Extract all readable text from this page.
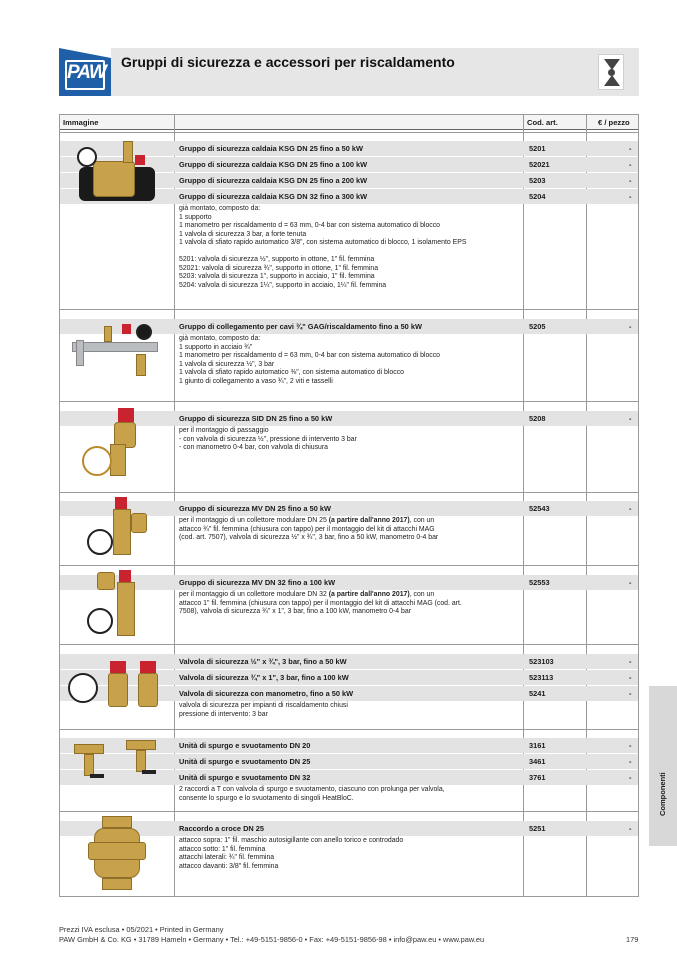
PAW Gruppi di sicurezza e accessori per riscaldamento
Immagine	Cod. art.	€ / pezzo
Gruppo di sicurezza caldaia KSG DN 25 fino a 50 kW	5201	-
Gruppo di sicurezza caldaia KSG DN 25 fino a 100 kW	52021	-
Gruppo di sicurezza caldaia KSG DN 25 fino a 200 kW	5203	-
Gruppo di sicurezza caldaia KSG DN 32 fino a 300 kW	5204	-

già montato, composto da:

1 supporto

1 manometro per riscaldamento d = 63 mm, 0-4 bar con sistema automatico di blocco

1 valvola di sicurezza 3 bar, a forte tenuta

1 valvola di sfiato rapido automatico 3/8", con sistema automatico di blocco, 1 isolamento EPS

5201: valvola di sicurezza ½", supporto in ottone, 1" fil. femmina

52021: valvola di sicurezza ¾", supporto in ottone, 1" fil. femmina

5203: valvola di sicurezza 1", supporto in acciaio, 1" fil. femmina

5204: valvola di sicurezza 1¼", supporto in acciaio, 1¼" fil. femmina

Gruppo di collegamento per cavi ¾" GAG/riscaldamento fino a 50 kW	5205	-

già montato, composto da:

1 supporto in acciaio ¾"

1 manometro per riscaldamento d = 63 mm, 0-4 bar con sistema automatico di blocco

1 valvola di sicurezza ½", 3 bar

1 valvola di sfiato rapido automatico ⅜", con sistema automatico di blocco

1 giunto di collegamento a vaso ¾", 2 viti e tasselli

Gruppo di sicurezza SID DN 25 fino a 50 kW	5208	-

per il montaggio di passaggio

- con valvola di sicurezza ½", pressione di intervento 3 bar

- con manometro 0-4 bar, con valvola di chiusura

Gruppo di sicurezza MV DN 25 fino a 50 kW	52543	-

per il montaggio di un collettore modulare DN 25 (a partire dall'anno 2017), con un

attacco ¾" fil. femmina (chiusura con tappo) per il montaggio del kit di attacchi MAG

(cod. art. 7507), valvola di sicurezza ½" x ¾", 3 bar, fino a 50 kW, manometro 0-4 bar

Gruppo di sicurezza MV DN 32 fino a 100 kW	52553	-

per il montaggio di un collettore modulare DN 32 (a partire dall'anno 2017), con un

attacco 1" fil. femmina (chiusura con tappo) per il montaggio del kit di attacchi MAG (cod. art.

7508), valvola di sicurezza ¾" x 1", 3 bar, fino a 100 kW, manometro 0-4 bar

Valvola di sicurezza ½" x ¾", 3 bar, fino a 50 kW	523103	-
Valvola di sicurezza ¾" x 1", 3 bar, fino a 100 kW	523113	-
Valvola di sicurezza con manometro, fino a 50 kW	5241	-

valvola di sicurezza per impianti di riscaldamento chiusi

pressione di intervento: 3 bar

Unità di spurgo e svuotamento DN 20	3161	-
Unità di spurgo e svuotamento DN 25	3461	-
Unità di spurgo e svuotamento DN 32	3761	-

2 raccordi a T con valvola di spurgo e svuotamento, ciascuno con prolunga per valvola,

consente lo spurgo e lo svuotamento di singoli HeatBloC.

Raccordo a croce DN 25	5251	-

attacco sopra: 1" fil. maschio autosigillante con anello torico e controdado

attacco sotto: 1" fil. femmina

attacchi laterali: ¾" fil. femmina

attacco davanti: 3/8" fil. femmina

Componenti

Prezzi IVA esclusa • 05/2021 • Printed in Germany

PAW GmbH & Co. KG • 31789 Hameln • Germany • Tel.: +49-5151-9856-0 • Fax: +49-5151-9856-98 • info@paw.eu • www.paw.eu	179
